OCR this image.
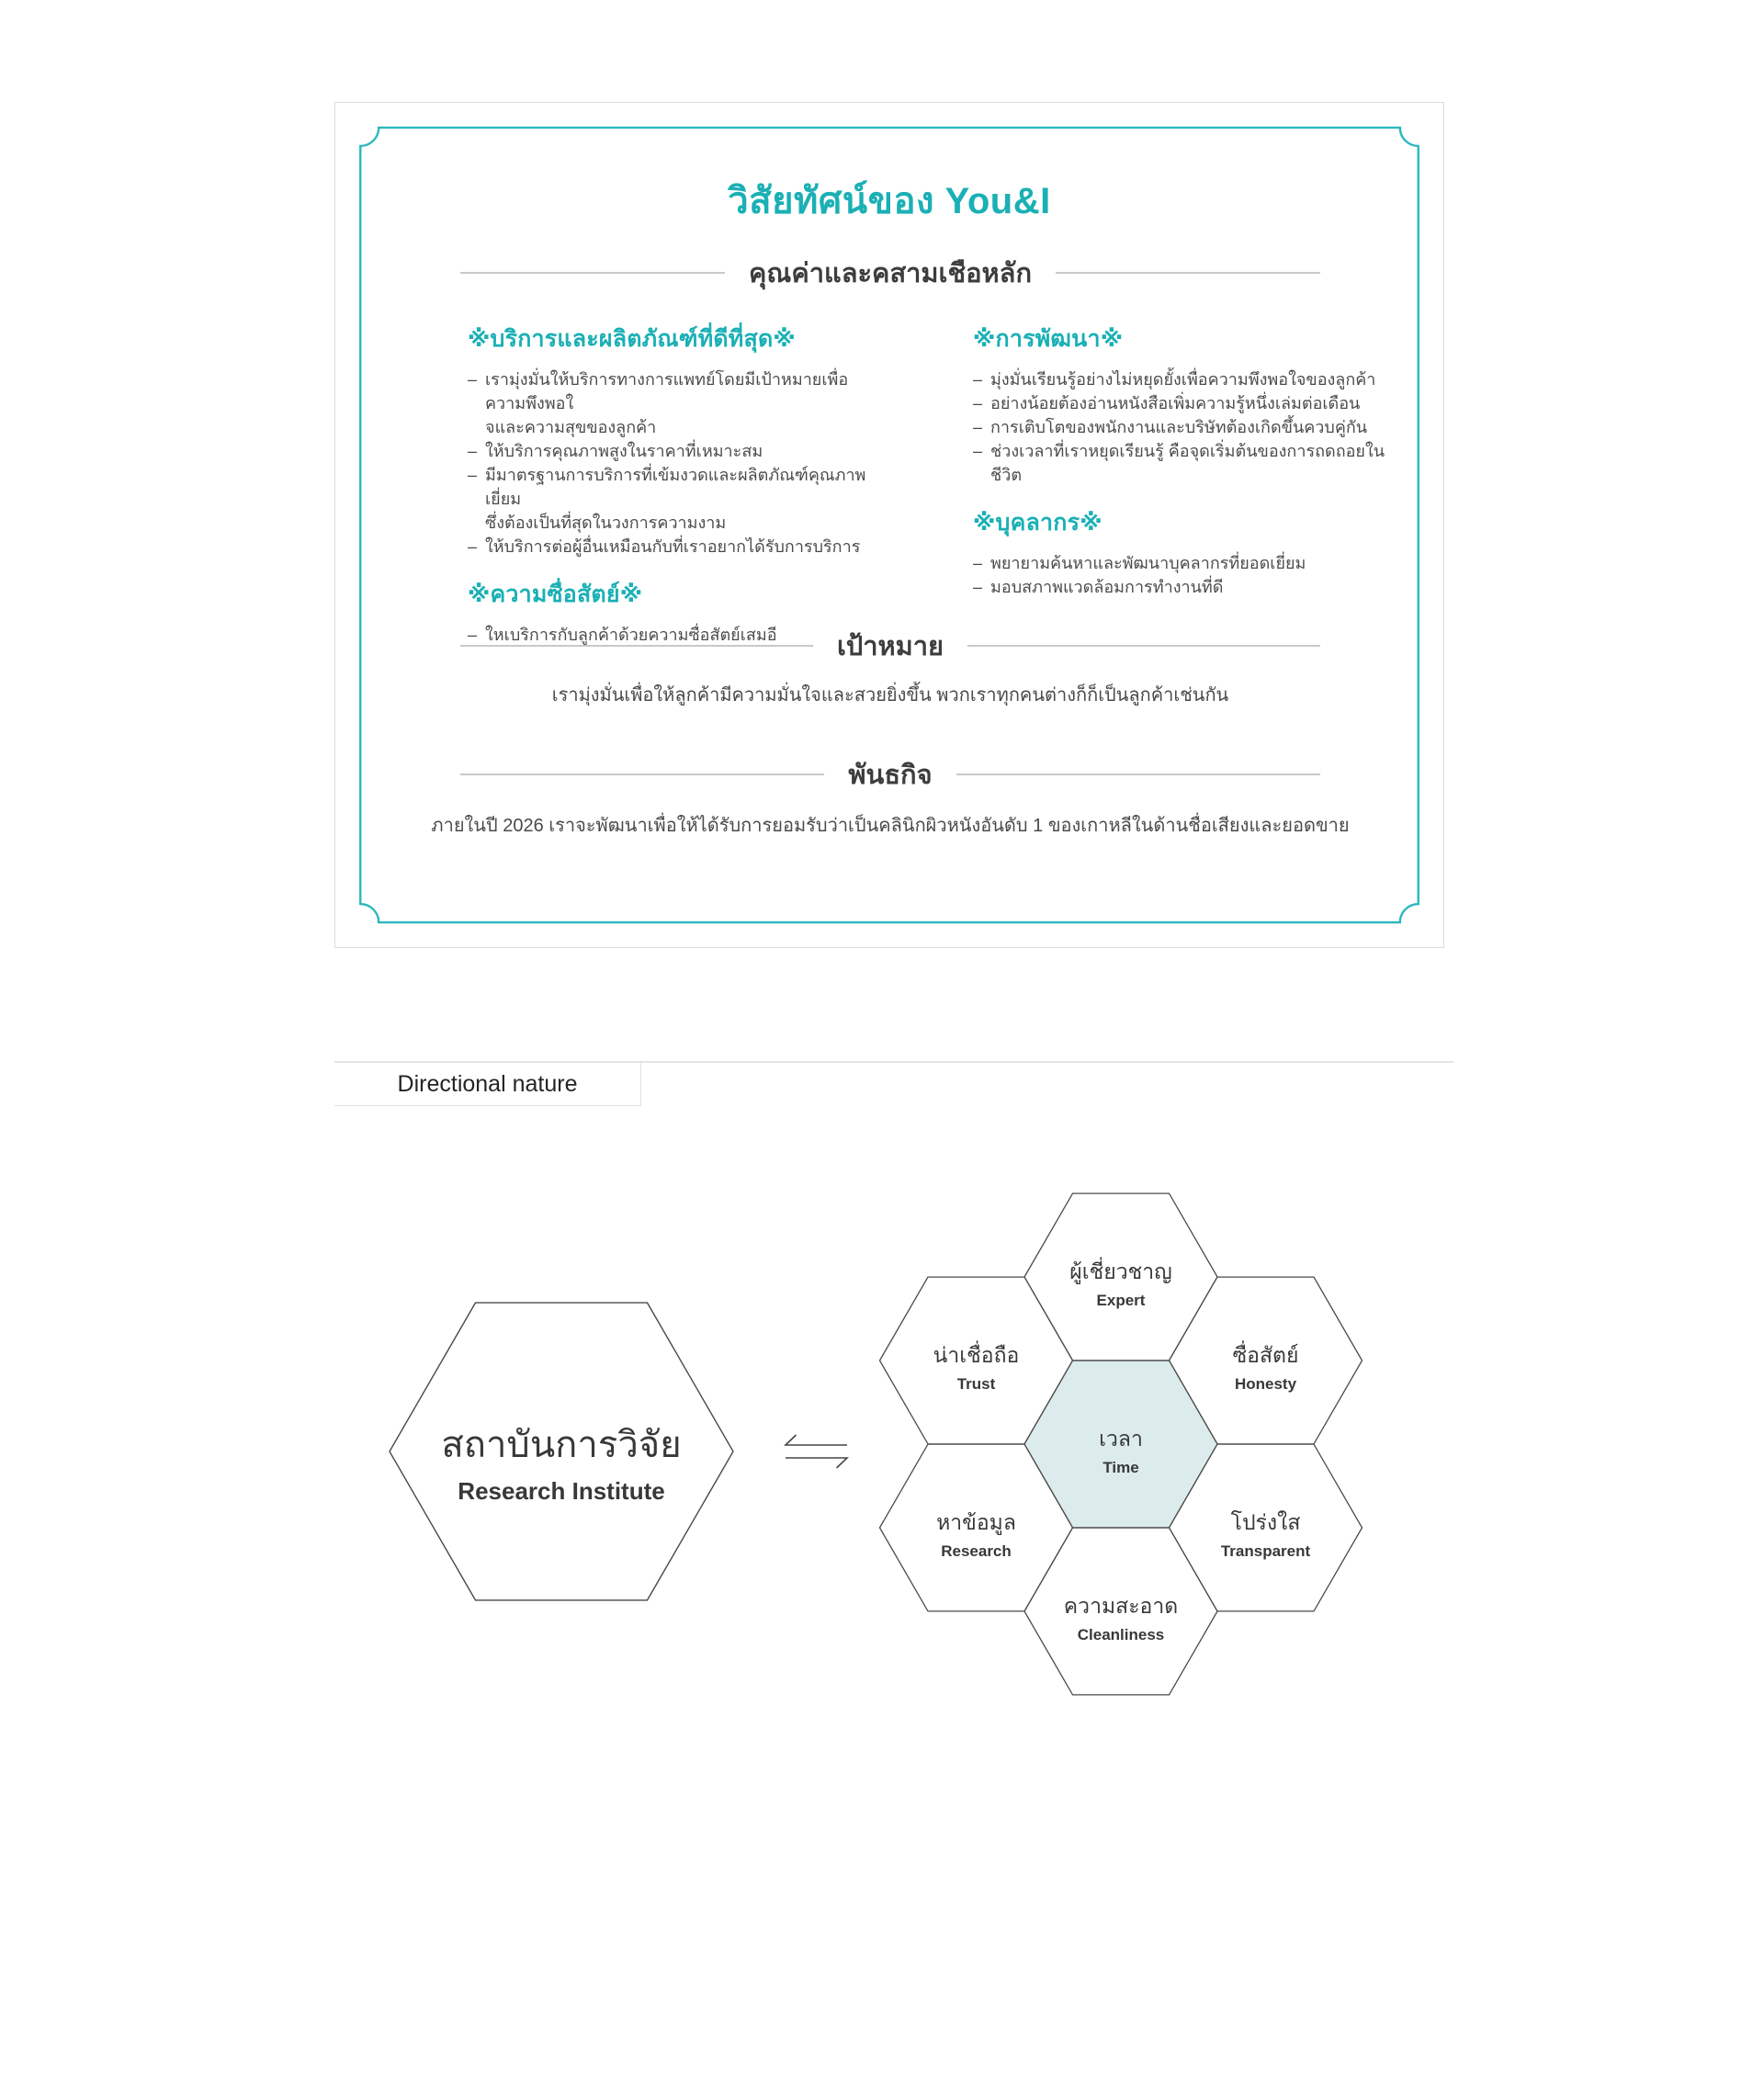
วิสัยทัศน์ของ You&I
คุณค่าและคสามเชือหลัก
※บริการและผลิตภัณฑ์ที่ดีที่สุด※
– เรามุ่งมั่นให้บริการทางการแพทย์โดยมีเป้าหมายเพื่อความพึงพอใ
จและความสุขของลูกค้า
– ให้บริการคุณภาพสูงในราคาที่เหมาะสม
– มีมาตรฐานการบริการที่เข้มงวดและผลิตภัณฑ์คุณภาพเยี่ยม
ซึ่งต้องเป็นที่สุดในวงการความงาม
– ให้บริการต่อผู้อื่นเหมือนกับที่เราอยากได้รับการบริการ
※ความซื่อสัตย์※
– ใหเบริการกับลูกค้าด้วยความซื่อสัตย์เสมอี
※การพัฒนา※
– มุ่งมั่นเรียนรู้อย่างไม่หยุดยั้งเพื่อความพึงพอใจของลูกค้า
– อย่างน้อยต้องอ่านหนังสือเพิ่มความรู้หนึ่งเล่มต่อเดือน
– การเติบโตของพนักงานและบริษัทต้องเกิดขึ้นควบคู่กัน
– ช่วงเวลาที่เราหยุดเรียนรู้ คือจุดเริ่มต้นของการถดถอยในชีวิต
※บุคลากร※
– พยายามค้นหาและพัฒนาบุคลากรที่ยอดเยี่ยม
– มอบสภาพแวดล้อมการทำงานที่ดี
เป้าหมาย

เรามุ่งมั่นเพื่อให้ลูกค้ามีความมั่นใจและสวยยิ่งขึ้น พวกเราทุกคนต่างก็ก็เป็นลูกค้าเช่นกัน

พันธกิจ

ภายในปี 2026 เราจะพัฒนาเพื่อให้ได้รับการยอมรับว่าเป็นคลินิกผิวหนังอันดับ 1 ของเกาหลีในด้านชื่อเสียงและยอดขาย

Directional nature
สถาบันการวิจัย
Research Institute
ผู้เชี่ยวชาญ
Expert
น่าเชื่อถือ
Trust
ซื่อสัตย์
Honesty
เวลา
Time
หาข้อมูล
Research
โปร่งใส
Transparent
ความสะอาด
Cleanliness
